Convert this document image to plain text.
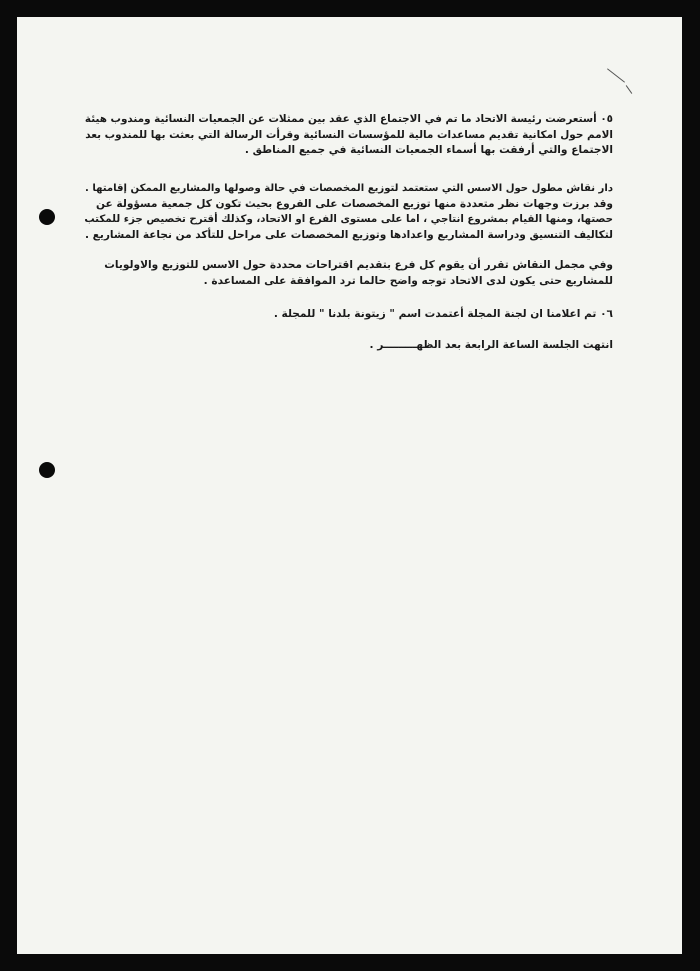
٠٥ أستعرضت رئيسة الاتحاد ما تم في الاجتماع الذي عقد بين ممثلات عن الجمعيات النسائية ومندوب هيئة

الامم حول امكانية تقديم مساعدات مالية للمؤسسات النسائية وقرأت الرسالة التي بعثت بها للمندوب بعد

الاجتماع والتي أرفقت بها أسماء الجمعيات النسائية في جميع المناطق .

دار نقاش مطول حول الاسس التي ستعتمد لتوزيع المخصصات في حالة وصولها والمشاريع الممكن إقامتها .

وقد برزت وجهات نظر متعددة منها توزيع المخصصات على الفروع بحيث تكون كل جمعية مسؤولة عن

حصتها، ومنها القيام بمشروع انتاجي ، اما على مستوى الفرع او الاتحاد، وكذلك أقترح تخصيص جزء للمكتب

لتكاليف التنسيق ودراسة المشاريع واعدادها وتوزيع المخصصات على مراحل للتأكد من نجاعة المشاريع .

وفي مجمل النقاش تقرر أن يقوم كل فرع بتقديم اقتراحات محددة حول الاسس للتوزيع والاولويات

للمشاريع حتى يكون لدى الاتحاد توجه واضح حالما ترد الموافقة على المساعدة .

٠٦ تم اعلامنا ان لجنة المجلة أعتمدت اسم " زيتونة بلدنا " للمجلة .

انتهت الجلسة الساعة الرابعة بعد الظهـــــــــر .
